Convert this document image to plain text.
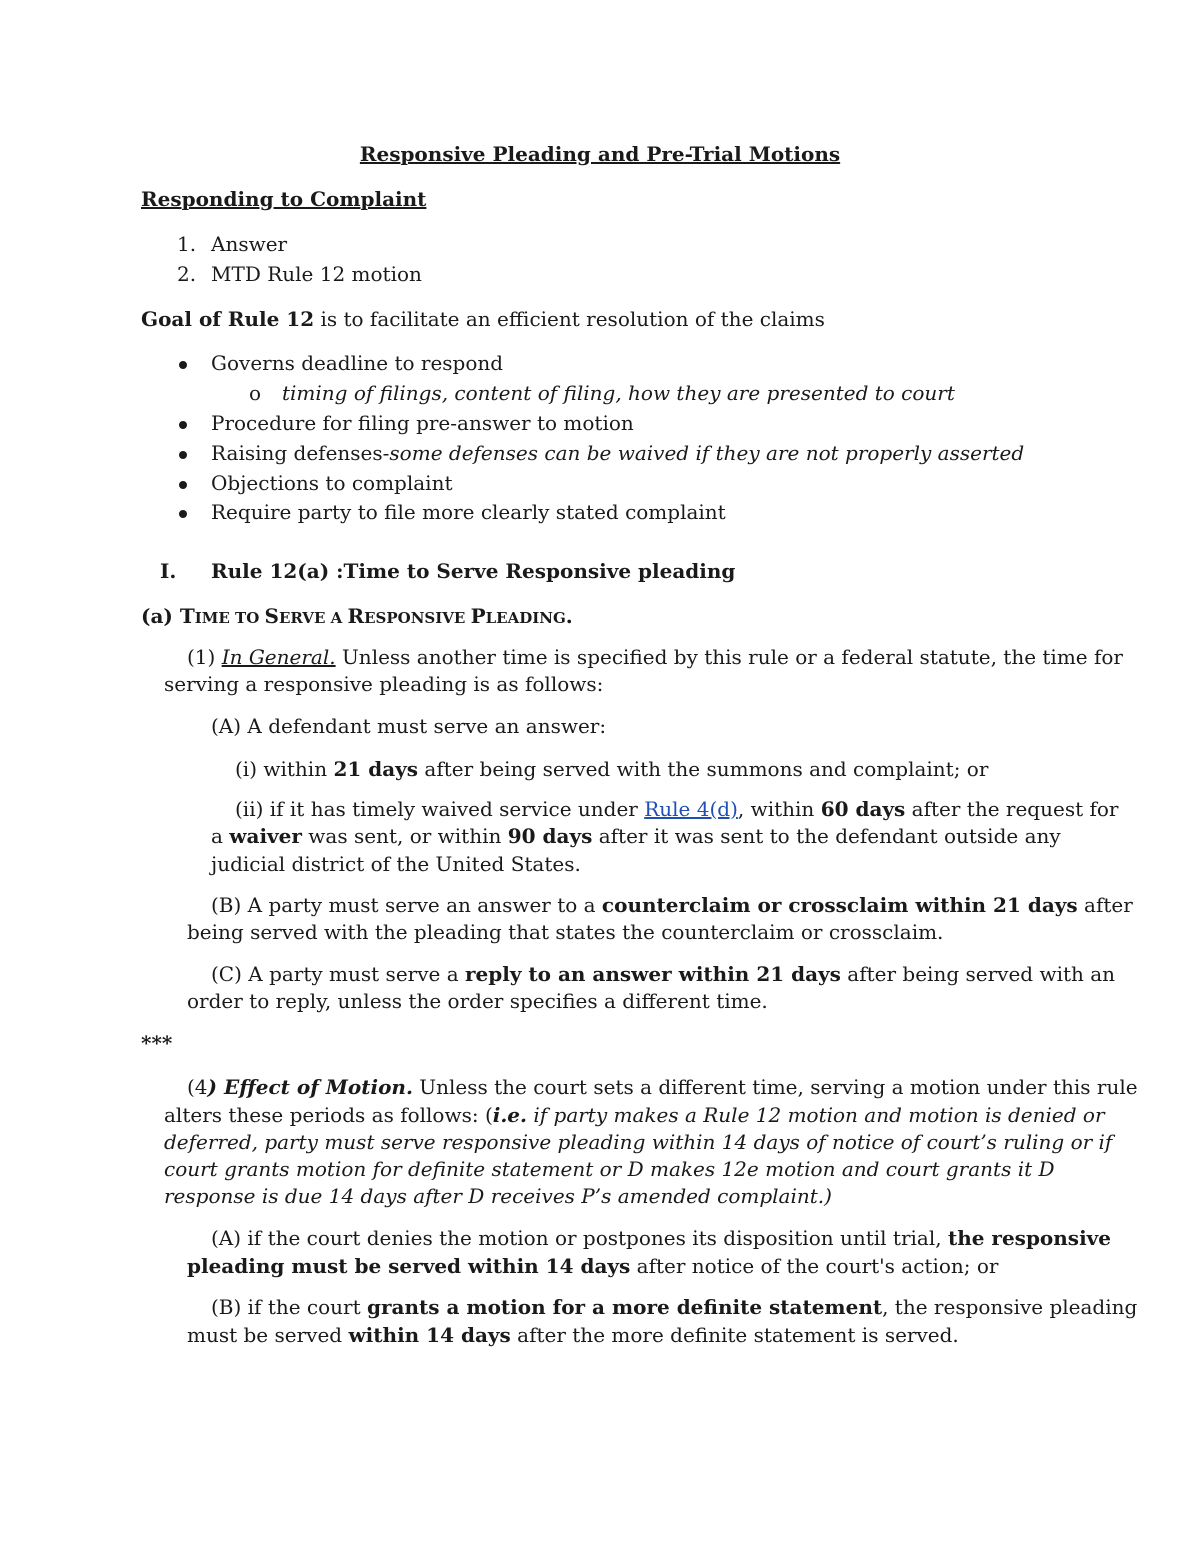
Responsive Pleading and Pre-Trial Motions
Responding to Complaint
1. Answer
2. MTD Rule 12 motion
Goal of Rule 12 is to facilitate an efficient resolution of the claims
Governs deadline to respond
o timing of filings, content of filing, how they are presented to court
Procedure for filing pre-answer to motion
Raising defenses-some defenses can be waived if they are not properly asserted
Objections to complaint
Require party to file more clearly stated complaint
I. Rule 12(a) :Time to Serve Responsive pleading
(a) TIME TO SERVE A RESPONSIVE PLEADING.
(1) In General. Unless another time is specified by this rule or a federal statute, the time for
serving a responsive pleading is as follows:
(A) A defendant must serve an answer:
(i) within 21 days after being served with the summons and complaint; or
(ii) if it has timely waived service under Rule 4(d), within 60 days after the request for
a waiver was sent, or within 90 days after it was sent to the defendant outside any
judicial district of the United States.
(B) A party must serve an answer to a counterclaim or crossclaim within 21 days after
being served with the pleading that states the counterclaim or crossclaim.
(C) A party must serve a reply to an answer within 21 days after being served with an
order to reply, unless the order specifies a different time.
***
(4) Effect of Motion. Unless the court sets a different time, serving a motion under this rule
alters these periods as follows: (i.e. if party makes a Rule 12 motion and motion is denied or
deferred, party must serve responsive pleading within 14 days of notice of court’s ruling or if
court grants motion for definite statement or D makes 12e motion and court grants it D
response is due 14 days after D receives P’s amended complaint.)
(A) if the court denies the motion or postpones its disposition until trial, the responsive
pleading must be served within 14 days after notice of the court's action; or
(B) if the court grants a motion for a more definite statement, the responsive pleading
must be served within 14 days after the more definite statement is served.
